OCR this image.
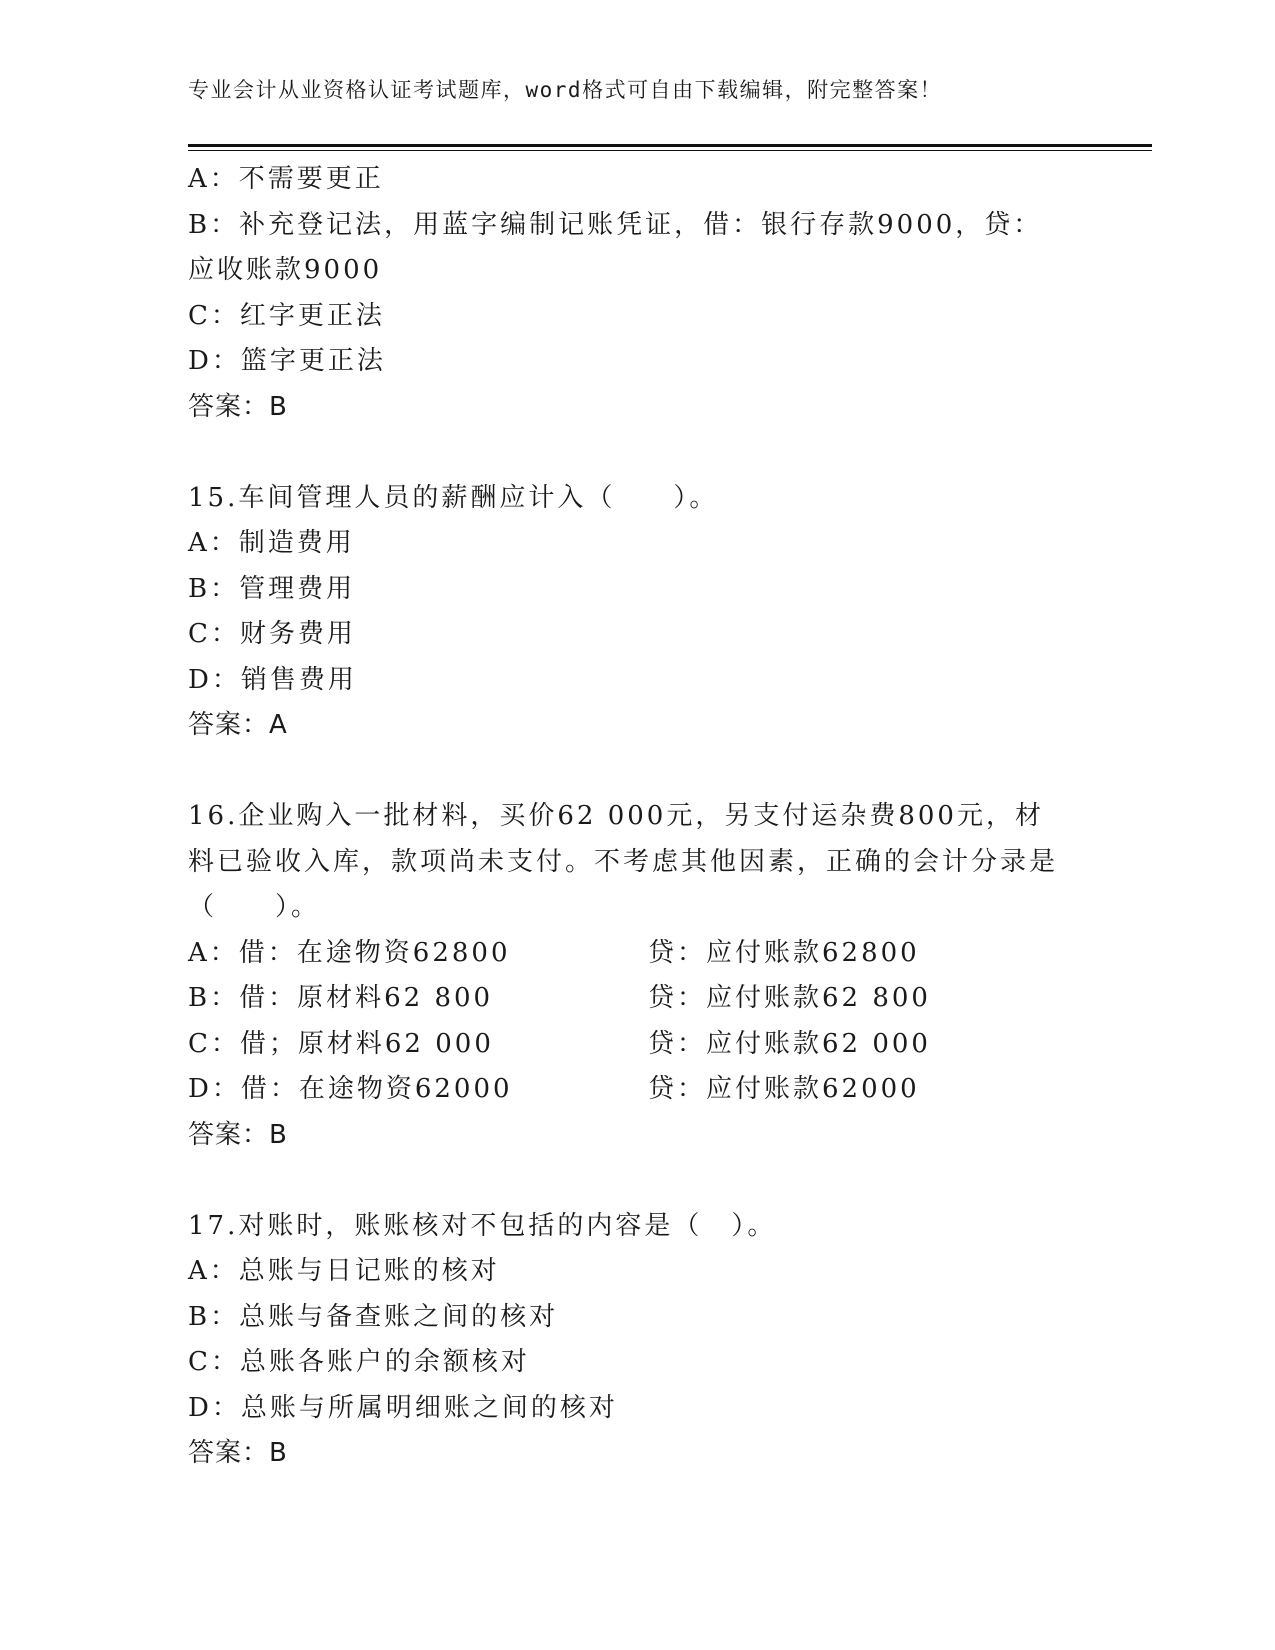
专业会计从业资格认证考试题库，word格式可自由下载编辑，附完整答案！
A：不需要更正
B：补充登记法，用蓝字编制记账凭证，借：银行存款9000，贷：应收账款9000
C：红字更正法
D：篮字更正法
答案：B
15.车间管理人员的薪酬应计入（　　）。
A：制造费用
B：管理费用
C：财务费用
D：销售费用
答案：A
16.企业购入一批材料，买价62 000元，另支付运杂费800元，材料已验收入库，款项尚未支付。不考虑其他因素，正确的会计分录是（　　）。
A：借：在途物资62800	贷：应付账款62800
B：借：原材料62 800	贷：应付账款62 800
C：借；原材料62 000	贷：应付账款62 000
D：借：在途物资62000	贷：应付账款62000
答案：B
17.对账时，账账核对不包括的内容是（　）。
A：总账与日记账的核对
B：总账与备查账之间的核对
C：总账各账户的余额核对
D：总账与所属明细账之间的核对
答案：B
